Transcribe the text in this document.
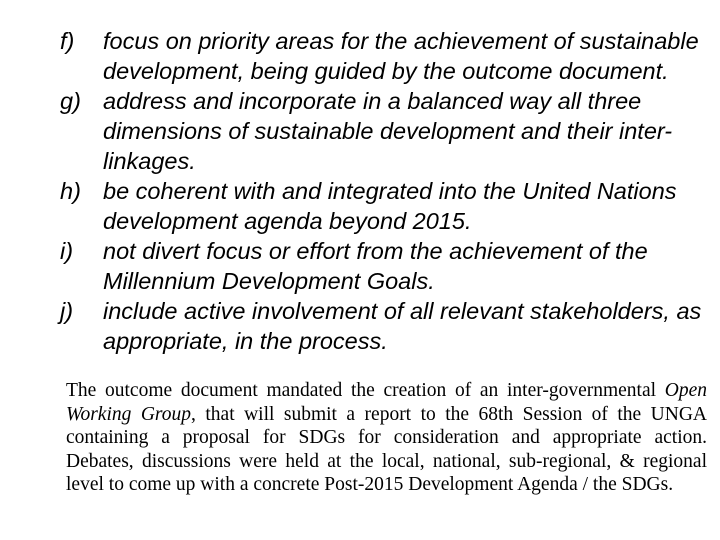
f)	focus on priority areas for the achievement of sustainable development, being guided by the outcome document.
g) address and incorporate in a balanced way all three dimensions of sustainable development and their inter-linkages.
h) be coherent with and integrated into the United Nations development agenda beyond 2015.
i)	not divert focus or effort from the achievement of the Millennium Development Goals.
j)	include active involvement of all relevant stakeholders, as appropriate, in the process.

The outcome document mandated the creation of an inter-governmental Open Working Group, that will submit a report to the 68th Session of the UNGA containing a proposal for SDGs for consideration and appropriate action. Debates, discussions were held at the local, national, sub-regional, & regional level to come up with a concrete Post-2015 Development Agenda / the SDGs.
